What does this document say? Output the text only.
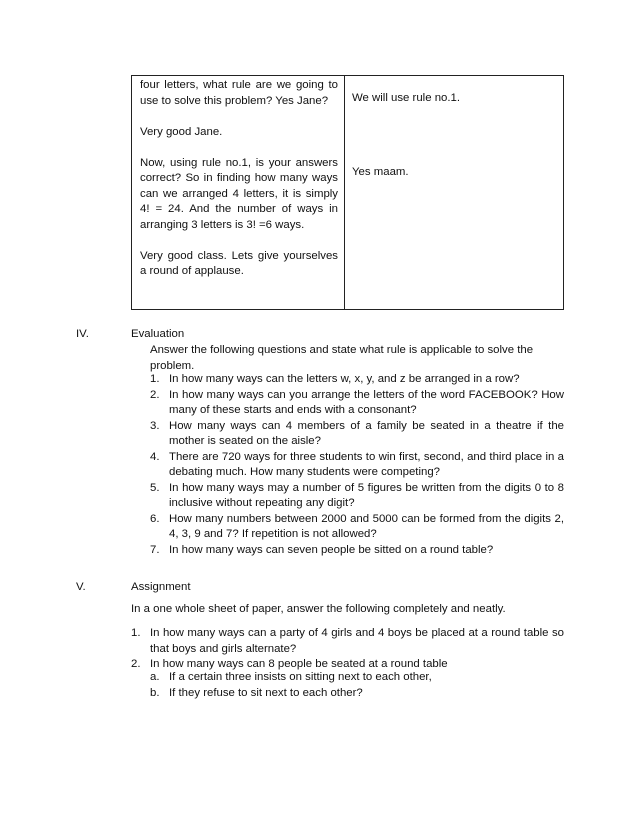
four letters, what rule are we going to use to solve this problem? Yes Jane?

Very good Jane.

Now, using rule no.1, is your answers correct? So in finding how many ways can we arranged 4 letters, it is simply 4! = 24. And the number of ways in arranging 3 letters is 3! =6 ways.

Very good class. Lets give yourselves a round of applause.

We will use rule no.1.
Yes maam.
IV.	Evaluation
Answer the following questions and state what rule is applicable to solve the problem.
1. In how many ways can the letters w, x, y, and z be arranged in a row?
2. In how many ways can you arrange the letters of the word FACEBOOK? How many of these starts and ends with a consonant?
3. How many ways can 4 members of a family be seated in a theatre if the mother is seated on the aisle?
4. There are 720 ways for three students to win first, second, and third place in a debating much. How many students were competing?
5. In how many ways may a number of 5 figures be written from the digits 0 to 8 inclusive without repeating any digit?
6. How many numbers between 2000 and 5000 can be formed from the digits 2, 4, 3, 9 and 7? If repetition is not allowed?
7. In how many ways can seven people be sitted on a round table?
V.	Assignment
In a one whole sheet of paper, answer the following completely and neatly.
1. In how many ways can a party of 4 girls and 4 boys be placed at a round table so that boys and girls alternate?
2. In how many ways can 8 people be seated at a round table
a. If a certain three insists on sitting next to each other,
b. If they refuse to sit next to each other?
